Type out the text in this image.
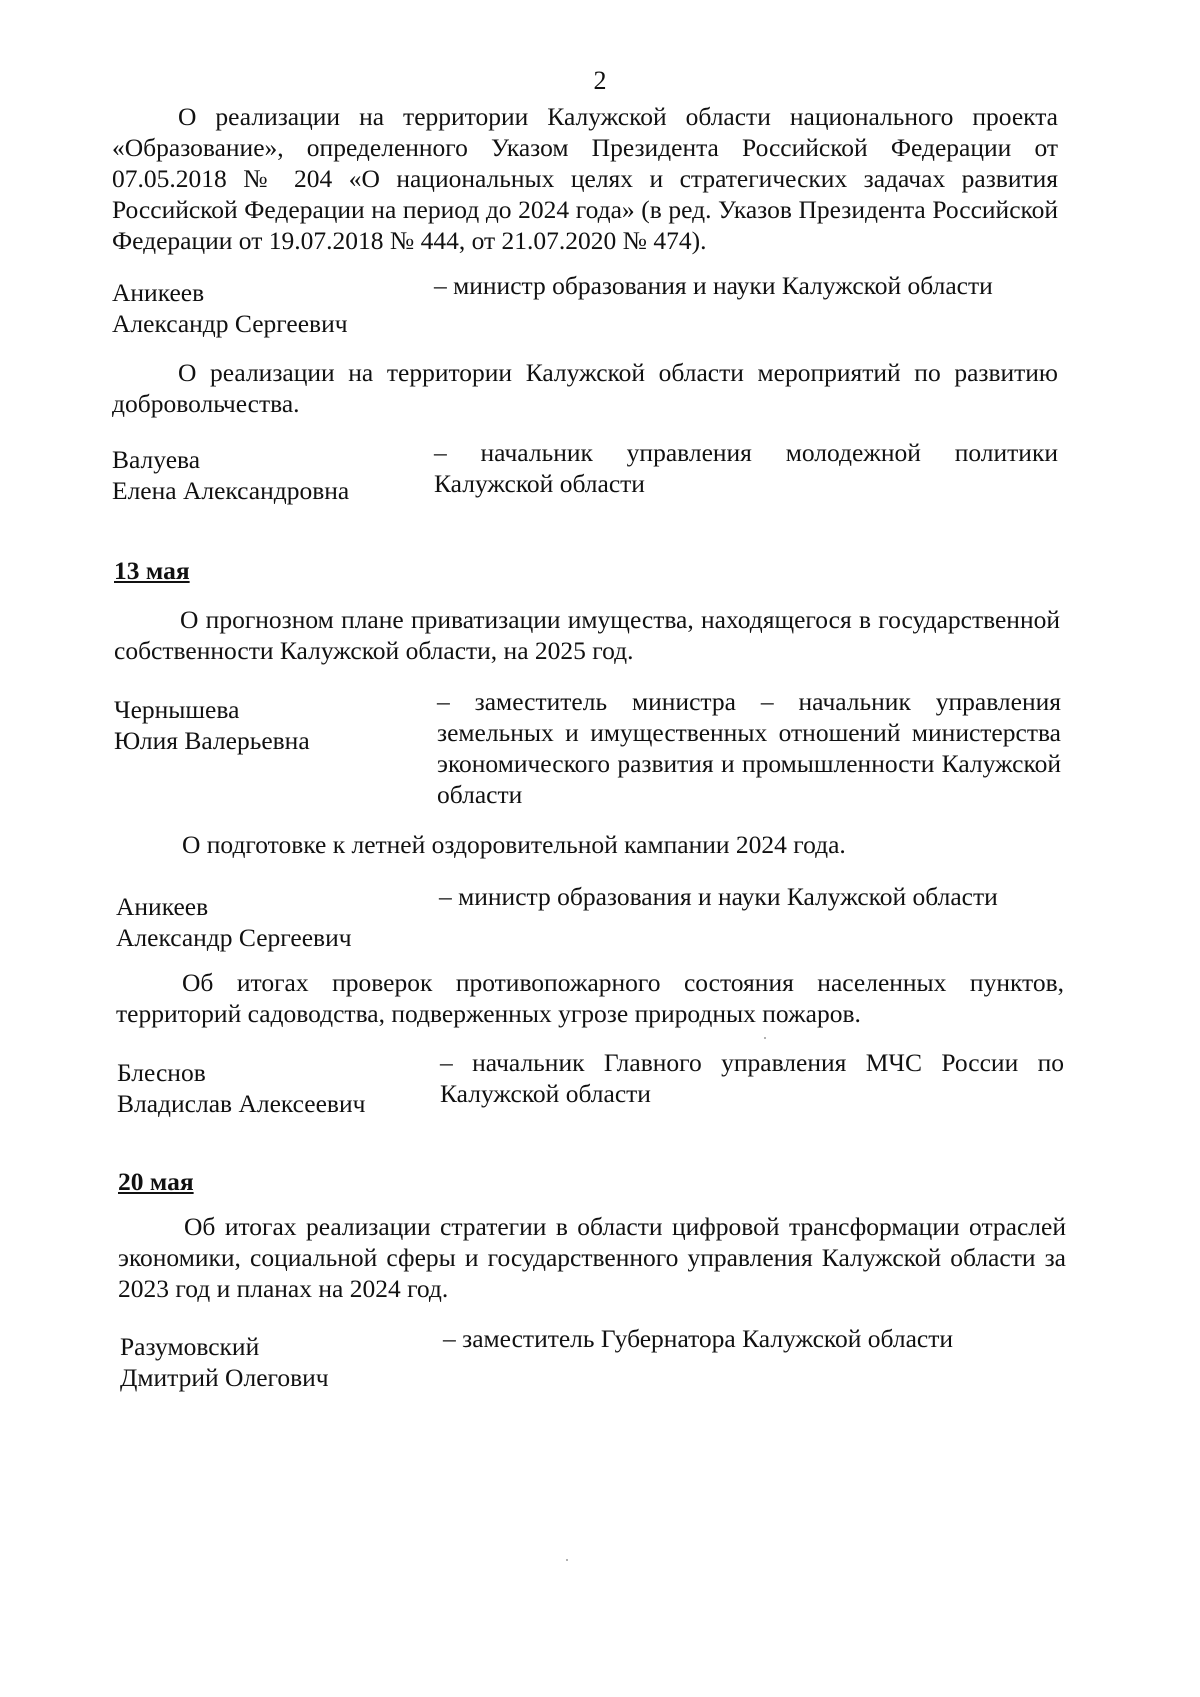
2
О реализации на территории Калужской области национального проекта «Образование», определенного Указом Президента Российской Федерации от 07.05.2018 № 204 «О национальных целях и стратегических задачах развития Российской Федерации на период до 2024 года» (в ред. Указов Президента Российской Федерации от 19.07.2018 № 444, от 21.07.2020 № 474).
Аникеев
Александр Сергеевич
– министр образования и науки Калужской области
О реализации на территории Калужской области мероприятий по развитию добровольчества.
Валуева
Елена Александровна
– начальник управления молодежной политики Калужской области
13 мая
О прогнозном плане приватизации имущества, находящегося в государственной собственности Калужской области, на 2025 год.
Чернышева
Юлия Валерьевна
– заместитель министра – начальник управления земельных и имущественных отношений министерства экономического развития и промышленности Калужской области
О подготовке к летней оздоровительной кампании 2024 года.
Аникеев
Александр Сергеевич
– министр образования и науки Калужской области
Об итогах проверок противопожарного состояния населенных пунктов, территорий садоводства, подверженных угрозе природных пожаров.
Блеснов
Владислав Алексеевич
– начальник Главного управления МЧС России по Калужской области
20 мая
Об итогах реализации стратегии в области цифровой трансформации отраслей экономики, социальной сферы и государственного управления Калужской области за 2023 год и планах на 2024 год.
Разумовский
Дмитрий Олегович
– заместитель Губернатора Калужской области
